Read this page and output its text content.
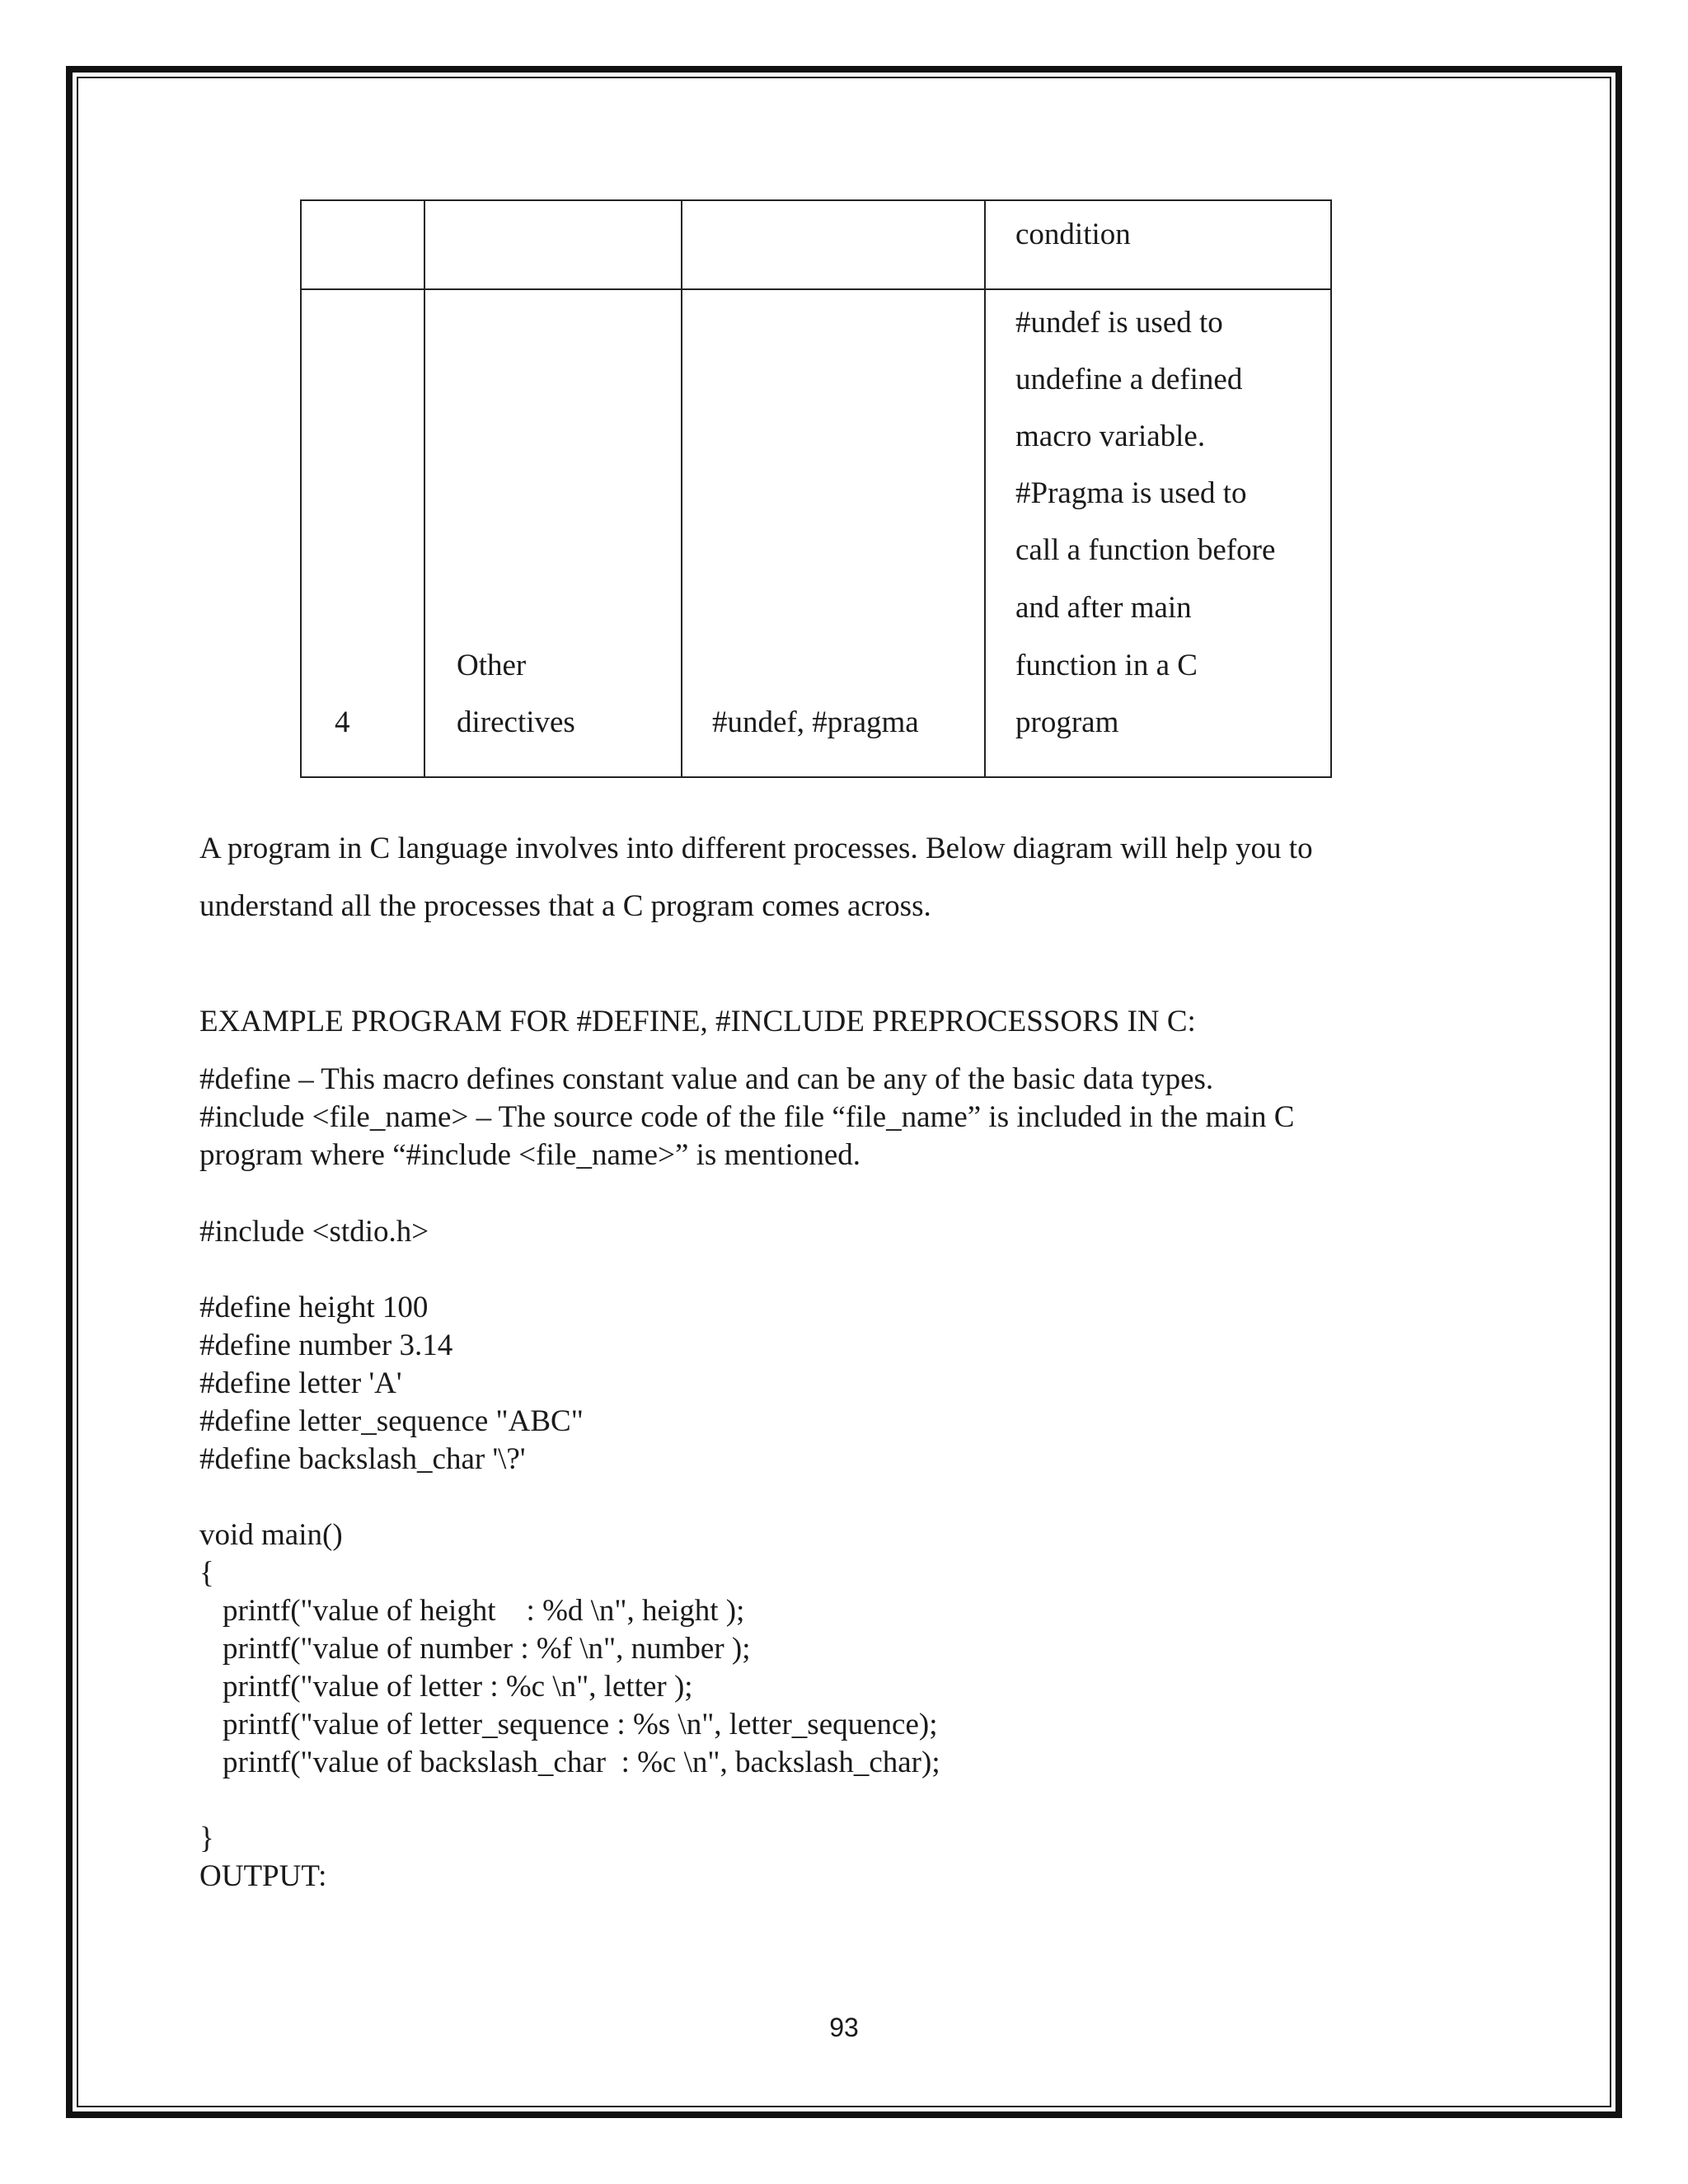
condition
4
Other
directives	#undef, #pragma
#undef is used to
undefine a defined
macro variable.
#Pragma is used to
call a function before
and after main
function in a C
program
A program in C language involves into different processes. Below diagram will help you to
understand all the processes that a C program comes across.
EXAMPLE PROGRAM FOR #DEFINE, #INCLUDE PREPROCESSORS IN C:
#define – This macro defines constant value and can be any of the basic data types.
#include <file_name> – The source code of the file “file_name” is included in the main C
program where “#include <file_name>” is mentioned.
#include <stdio.h>
#define height 100
#define number 3.14
#define letter 'A'
#define letter_sequence "ABC"
#define backslash_char '\?'
void main()
{
printf("value of height    : %d \n", height );
printf("value of number : %f \n", number );
printf("value of letter : %c \n", letter );
printf("value of letter_sequence : %s \n", letter_sequence);
printf("value of backslash_char  : %c \n", backslash_char);
}
OUTPUT:
93
